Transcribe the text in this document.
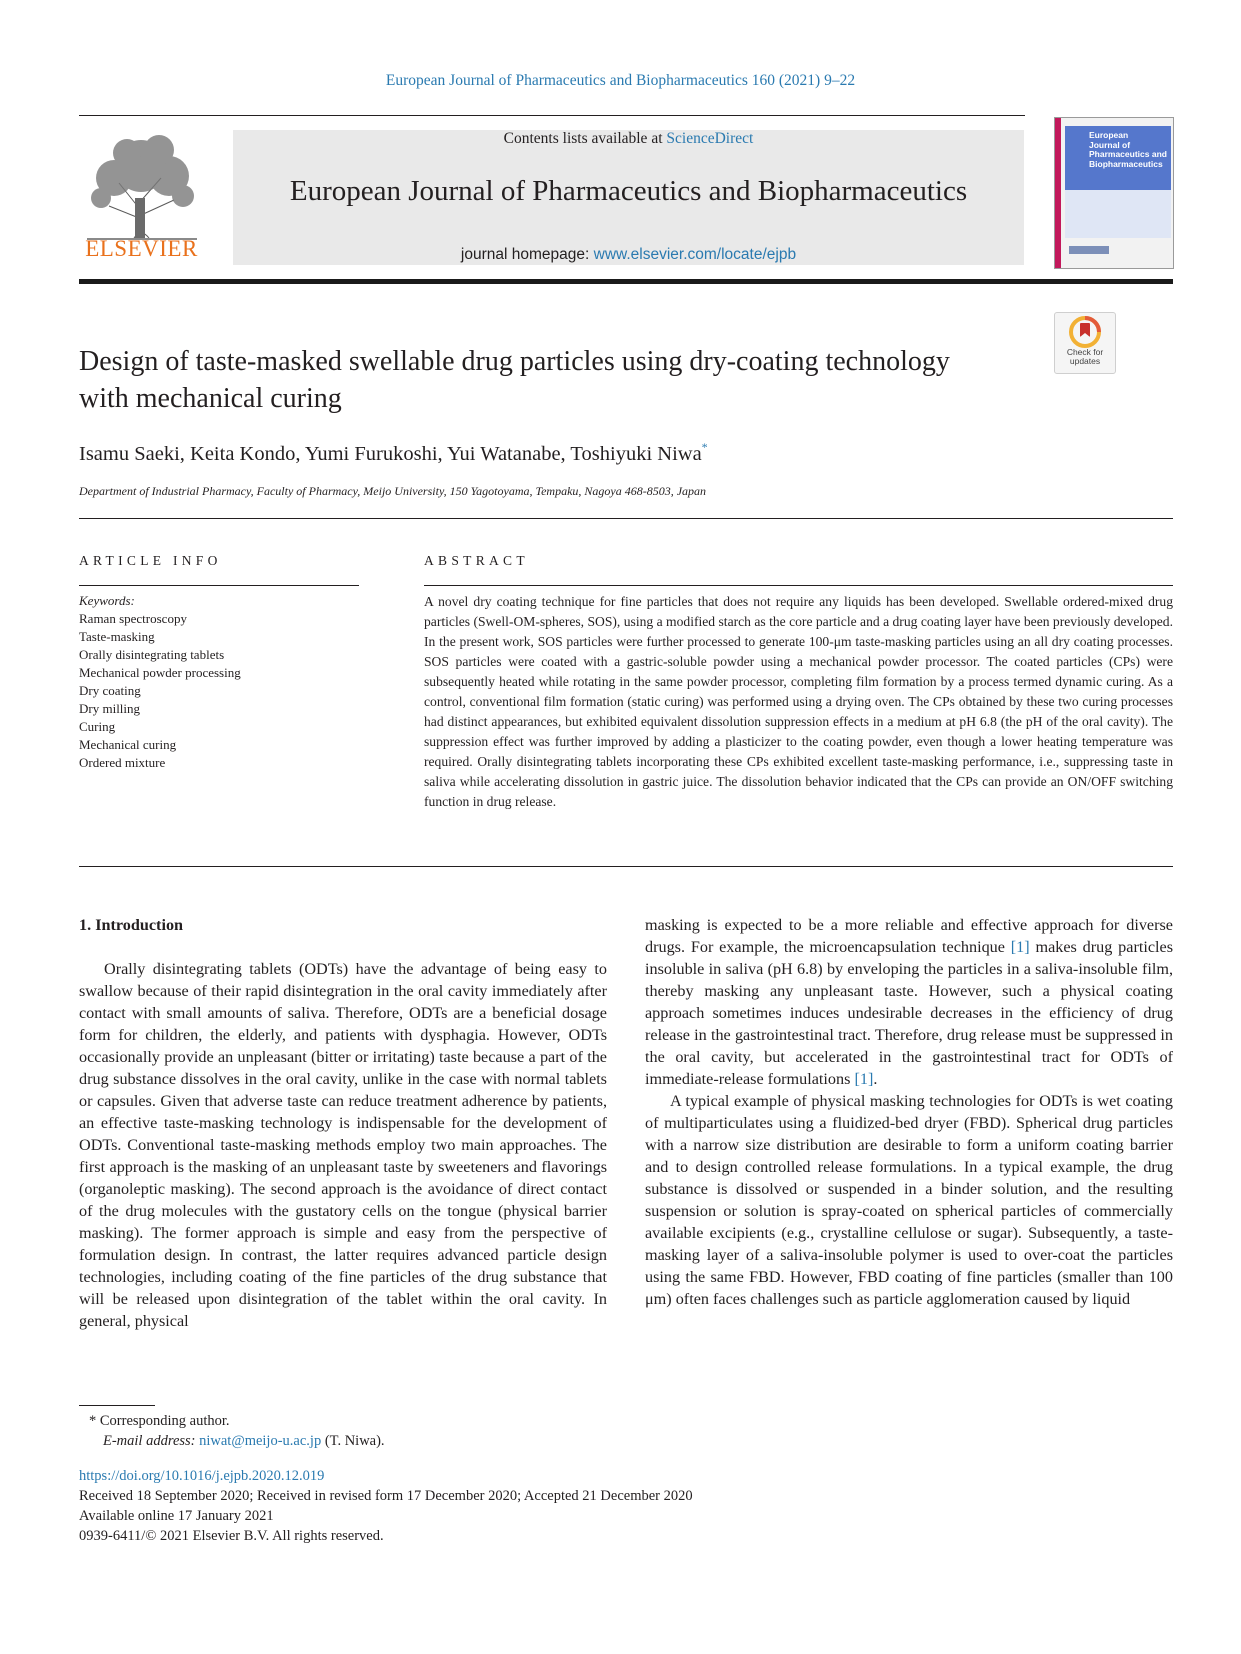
European Journal of Pharmaceutics and Biopharmaceutics 160 (2021) 9–22
ELSEVIER
Contents lists available at ScienceDirect
European Journal of Pharmaceutics and Biopharmaceutics
journal homepage: www.elsevier.com/locate/ejpb
European
Journal of
Pharmaceutics and
Biopharmaceutics
Check for
updates
Design of taste-masked swellable drug particles using dry-coating technology with mechanical curing
Isamu Saeki, Keita Kondo, Yumi Furukoshi, Yui Watanabe, Toshiyuki Niwa*
Department of Industrial Pharmacy, Faculty of Pharmacy, Meijo University, 150 Yagotoyama, Tempaku, Nagoya 468-8503, Japan
ARTICLE INFO	ABSTRACT
Keywords:
Raman spectroscopy
Taste-masking
Orally disintegrating tablets
Mechanical powder processing
Dry coating
Dry milling
Curing
Mechanical curing
Ordered mixture
A novel dry coating technique for fine particles that does not require any liquids has been developed. Swellable ordered-mixed drug particles (Swell-OM-spheres, SOS), using a modified starch as the core particle and a drug coating layer have been previously developed. In the present work, SOS particles were further processed to generate 100-μm taste-masking particles using an all dry coating processes. SOS particles were coated with a gastric-soluble powder using a mechanical powder processor. The coated particles (CPs) were subsequently heated while rotating in the same powder processor, completing film formation by a process termed dynamic curing. As a control, conventional film formation (static curing) was performed using a drying oven. The CPs obtained by these two curing processes had distinct appearances, but exhibited equivalent dissolution suppression effects in a medium at pH 6.8 (the pH of the oral cavity). The suppression effect was further improved by adding a plasticizer to the coating powder, even though a lower heating temperature was required. Orally disintegrating tablets incorporating these CPs exhibited excellent taste-masking performance, i.e., suppressing taste in saliva while accelerating dissolution in gastric juice. The dissolution behavior indicated that the CPs can provide an ON/OFF switching function in drug release.

1. Introduction

Orally disintegrating tablets (ODTs) have the advantage of being easy to swallow because of their rapid disintegration in the oral cavity immediately after contact with small amounts of saliva. Therefore, ODTs are a beneficial dosage form for children, the elderly, and patients with dysphagia. However, ODTs occasionally provide an unpleasant (bitter or irritating) taste because a part of the drug substance dissolves in the oral cavity, unlike in the case with normal tablets or capsules. Given that adverse taste can reduce treatment adherence by patients, an effective taste-masking technology is indispensable for the development of ODTs. Conventional taste-masking methods employ two main approaches. The first approach is the masking of an unpleasant taste by sweeteners and flavorings (organoleptic masking). The second approach is the avoidance of direct contact of the drug molecules with the gustatory cells on the tongue (physical barrier masking). The former approach is simple and easy from the perspective of formulation design. In contrast, the latter requires advanced particle design technologies, including coating of the fine particles of the drug substance that will be released upon disintegration of the tablet within the oral cavity. In general, physical

masking is expected to be a more reliable and effective approach for diverse drugs. For example, the microencapsulation technique [1] makes drug particles insoluble in saliva (pH 6.8) by enveloping the particles in a saliva-insoluble film, thereby masking any unpleasant taste. However, such a physical coating approach sometimes induces undesirable decreases in the efficiency of drug release in the gastrointestinal tract. Therefore, drug release must be suppressed in the oral cavity, but accelerated in the gastrointestinal tract for ODTs of immediate-release formulations [1].

A typical example of physical masking technologies for ODTs is wet coating of multiparticulates using a fluidized-bed dryer (FBD). Spherical drug particles with a narrow size distribution are desirable to form a uniform coating barrier and to design controlled release formulations. In a typical example, the drug substance is dissolved or suspended in a binder solution, and the resulting suspension or solution is spray-coated on spherical particles of commercially available excipients (e.g., crystalline cellulose or sugar). Subsequently, a taste-masking layer of a saliva-insoluble polymer is used to over-coat the particles using the same FBD. However, FBD coating of fine particles (smaller than 100 μm) often faces challenges such as particle agglomeration caused by liquid

* Corresponding author.
E-mail address: niwat@meijo-u.ac.jp (T. Niwa).
https://doi.org/10.1016/j.ejpb.2020.12.019
Received 18 September 2020; Received in revised form 17 December 2020; Accepted 21 December 2020
Available online 17 January 2021
0939-6411/© 2021 Elsevier B.V. All rights reserved.
